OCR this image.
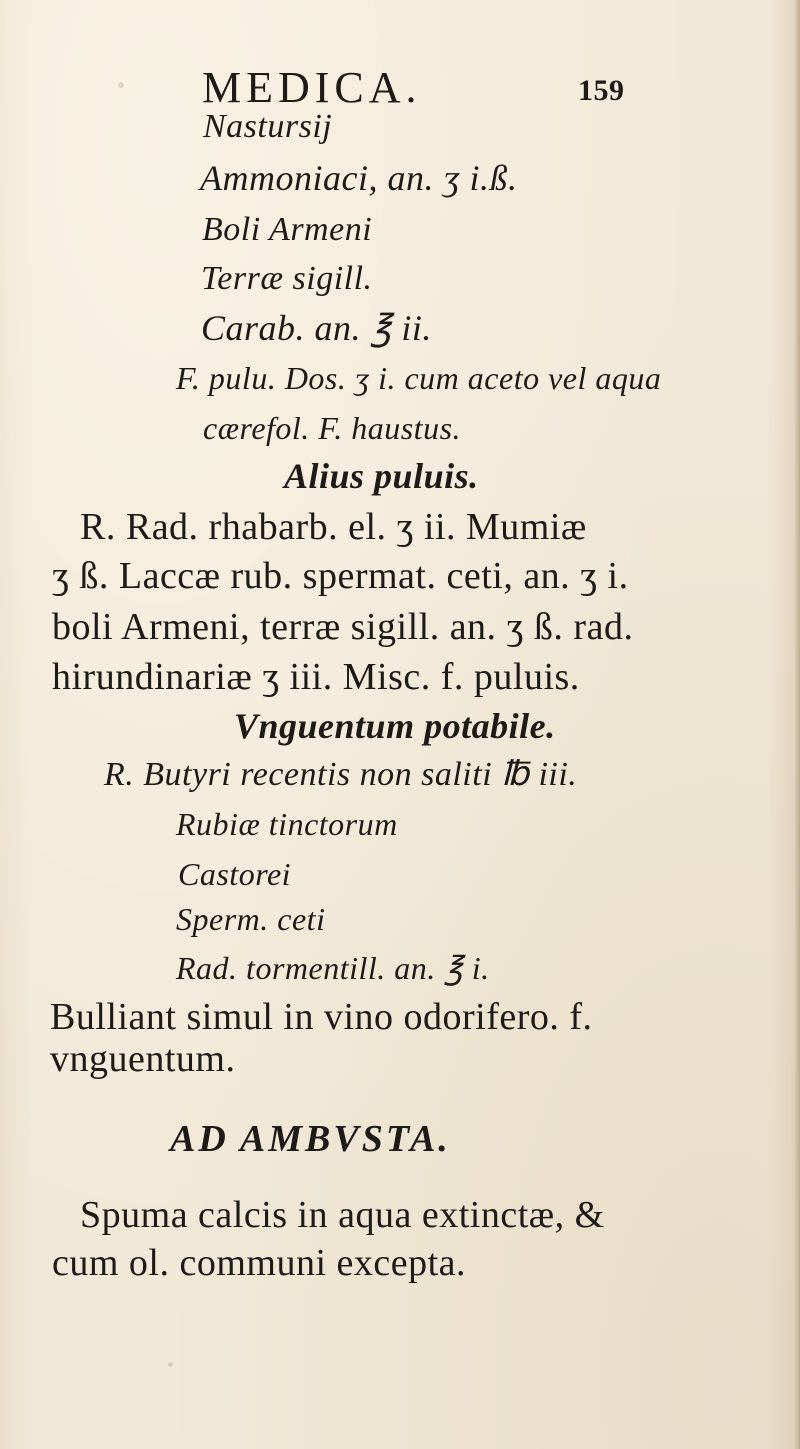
MEDICA.	159
Nastursij
Ammoniaci, an. ʒ i.ß.
Boli Armeni
Terræ sigill.
Carab. an. ℥ ii.
F. pulu. Dos. ʒ i. cum aceto vel aqua
cærefol. F. haustus.
Alius puluis.
R. Rad. rhabarb. el. ʒ ii. Mumiæ
ʒ ß. Laccæ rub. spermat. ceti, an. ʒ i.
boli Armeni, terræ sigill. an. ʒ ß. rad.
hirundinariæ ʒ iii. Misc. f. puluis.
Vnguentum potabile.
R. Butyri recentis non saliti ℔ iii.
Rubiæ tinctorum
Castorei
Sperm. ceti
Rad. tormentill. an. ℥ i.
Bulliant simul in vino odorifero. f.
vnguentum.
AD AMBVSTA.
Spuma calcis in aqua extinctæ, &
cum ol. communi excepta.
